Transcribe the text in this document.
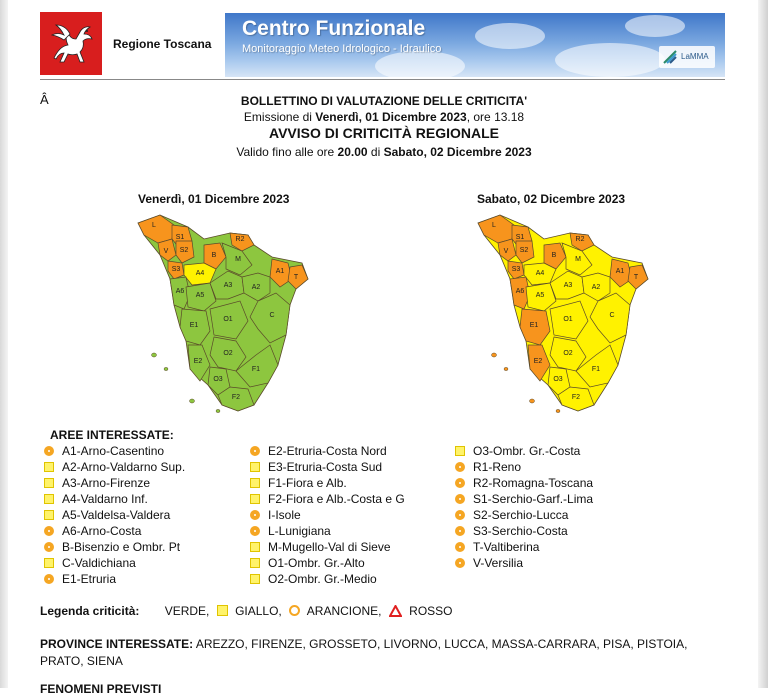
Regione Toscana
Centro Funzionale
Monitoraggio Meteo Idrologico - Idraulico
LaMMA
Â	BOLLETTINO DI VALUTAZIONE DELLE CRITICITA'
Emissione di Venerdì, 01 Dicembre 2023, ore 13.18
AVVISO DI CRITICITÀ REGIONALE
Valido fino alle ore 20.00 di Sabato, 02 Dicembre 2023
Venerdì, 01 Dicembre 2023
L
S1
V S2
R2
B
S3
A4
M
A1
T
A6
A5
A3	A2
E1
O1
C
E2
O2
O3
F1
F2
Sabato, 02 Dicembre 2023
L
S1
V S2
R2
B
S3
A4
M
A1
T
A6
A5
A3	A2
E1
O1
C
E2
O2
O3
F1
F2
AREE INTERESSATE:
A1-Arno-Casentino
A2-Arno-Valdarno Sup.
A3-Arno-Firenze
A4-Valdarno Inf.
A5-Valdelsa-Valdera
A6-Arno-Costa
B-Bisenzio e Ombr. Pt
C-Valdichiana
E1-Etruria
E2-Etruria-Costa Nord
E3-Etruria-Costa Sud
F1-Fiora e Alb.
F2-Fiora e Alb.-Costa e G
I-Isole
L-Lunigiana
M-Mugello-Val di Sieve
O1-Ombr. Gr.-Alto
O2-Ombr. Gr.-Medio
O3-Ombr. Gr.-Costa
R1-Reno
R2-Romagna-Toscana
S1-Serchio-Garf.-Lima
S2-Serchio-Lucca
S3-Serchio-Costa
T-Valtiberina
V-Versilia
Legenda criticità: VERDE, GIALLO, ARANCIONE, ROSSO
PROVINCE INTERESSATE: AREZZO, FIRENZE, GROSSETO, LIVORNO, LUCCA, MASSA-CARRARA, PISA, PISTOIA, PRATO, SIENA
FENOMENI PREVISTI
